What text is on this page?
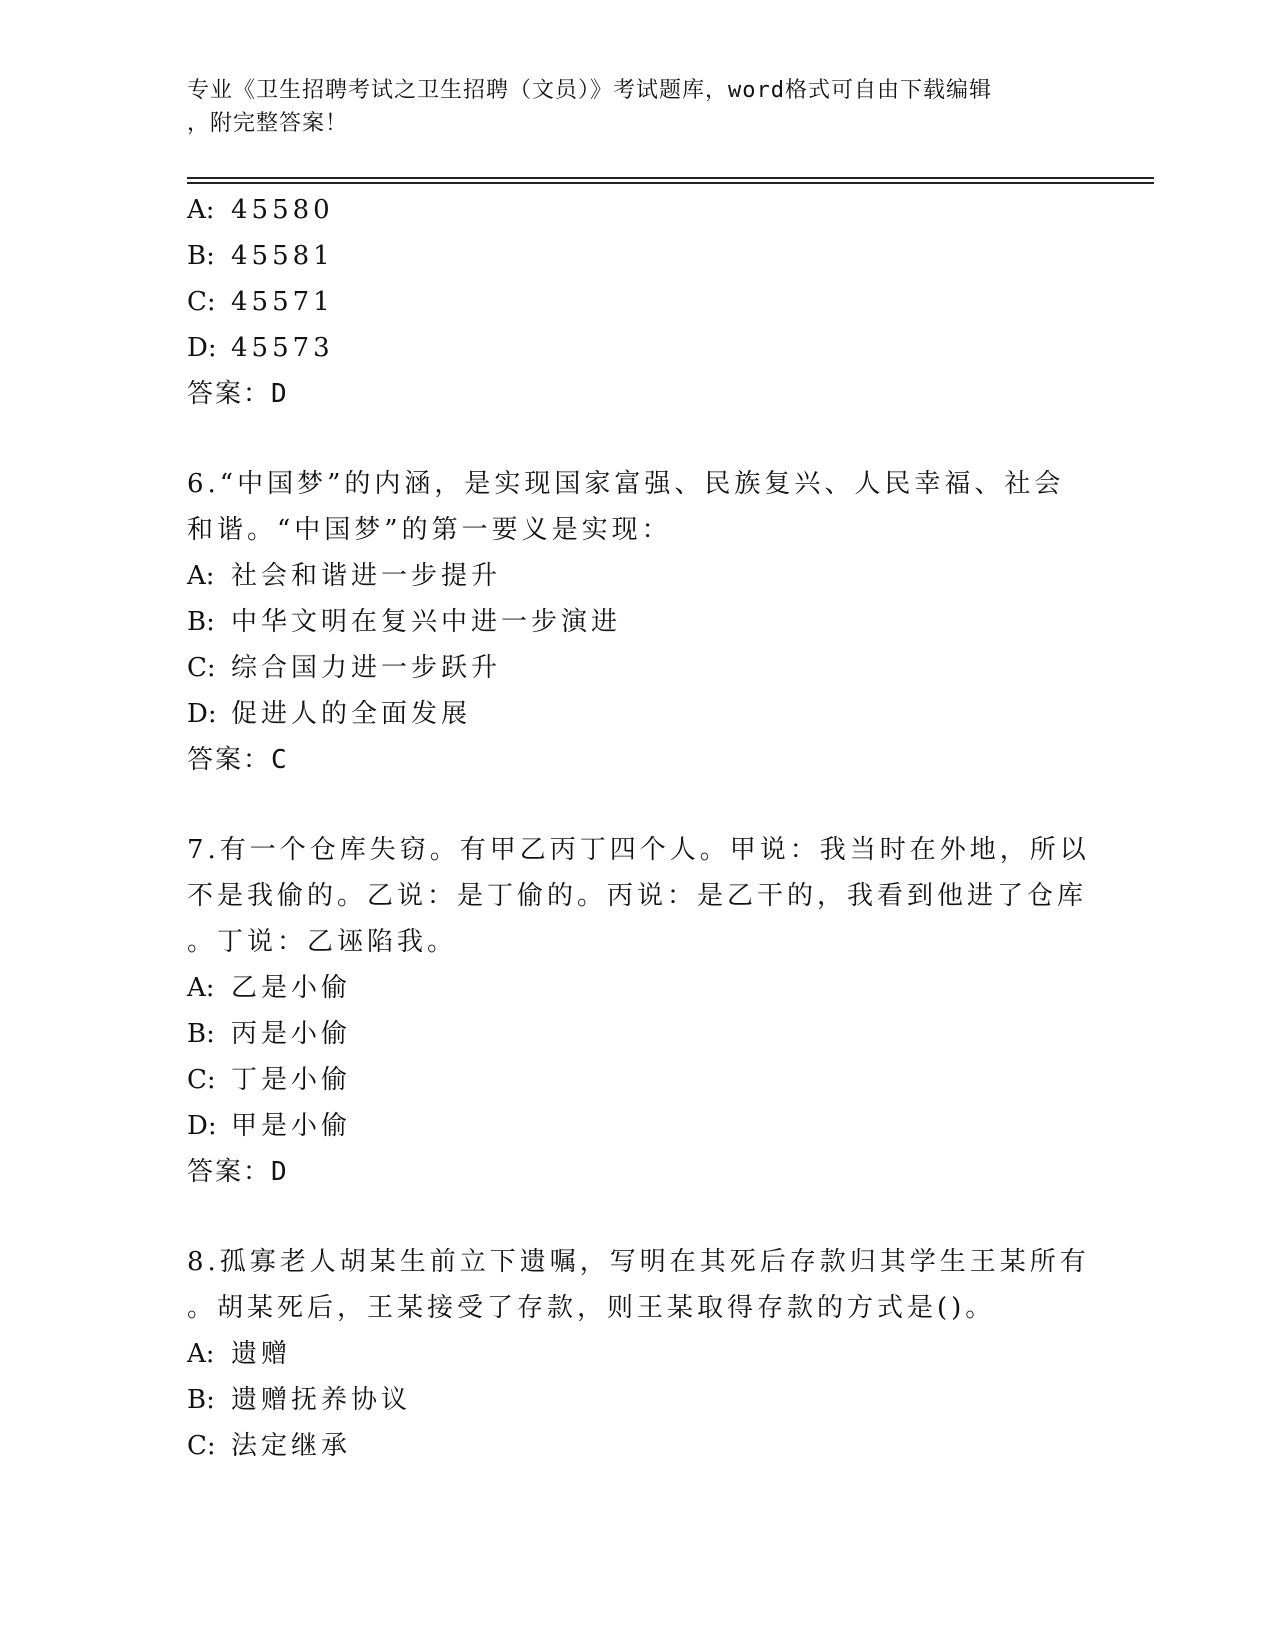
专业《卫生招聘考试之卫生招聘（文员）》考试题库，word格式可自由下载编辑
，附完整答案！
A: 45580
B: 45581
C: 45571
D: 45573
答案：D
6.“中国梦”的内涵，是实现国家富强、民族复兴、人民幸福、社会
和谐。“中国梦”的第一要义是实现：
A: 社会和谐进一步提升
B: 中华文明在复兴中进一步演进
C: 综合国力进一步跃升
D: 促进人的全面发展
答案：C
7.有一个仓库失窃。有甲乙丙丁四个人。甲说：我当时在外地，所以
不是我偷的。乙说：是丁偷的。丙说：是乙干的，我看到他进了仓库
。丁说：乙诬陷我。
A: 乙是小偷
B: 丙是小偷
C: 丁是小偷
D: 甲是小偷
答案：D
8.孤寡老人胡某生前立下遗嘱，写明在其死后存款归其学生王某所有
。胡某死后，王某接受了存款，则王某取得存款的方式是()。
A: 遗赠
B: 遗赠抚养协议
C: 法定继承
